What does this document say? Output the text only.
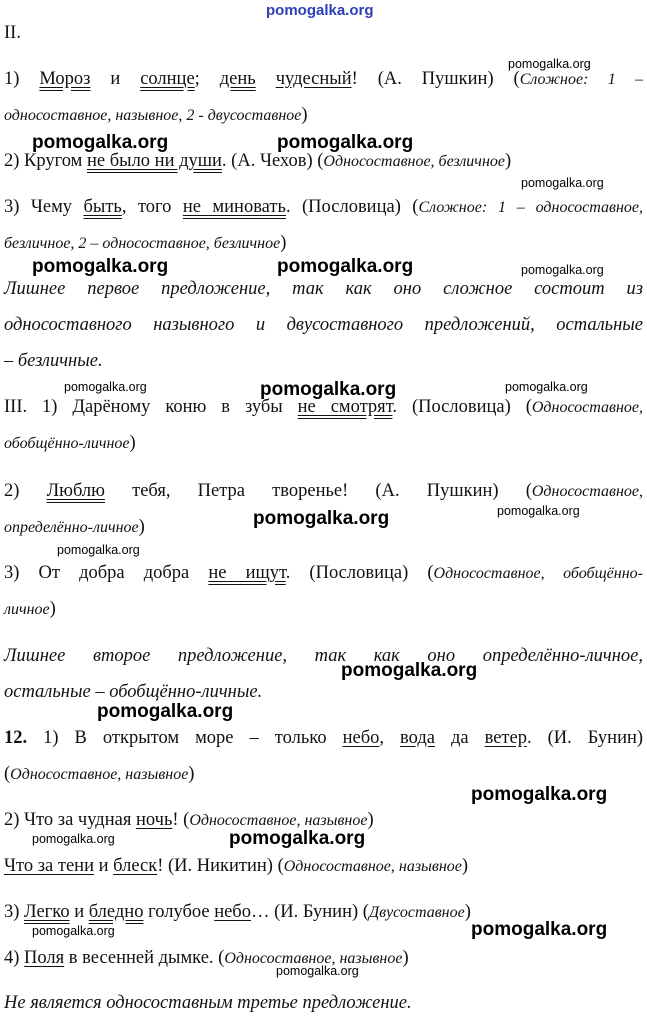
pomogalka.org
II.
1) Мороз и солнце; день чудесный! (А. Пушкин) (Сложное: 1 –
односоставное, назывное, 2 - двусоставное)
2) Кругом не было ни души. (А. Чехов) (Односоставное, безличное)
3) Чему быть, того не миновать. (Пословица) (Сложное: 1 – односоставное,
безличное, 2 – односоставное, безличное)
Лишнее первое предложение, так как оно сложное состоит из
односоставного назывного и двусоставного предложений, остальные
– безличные.
III. 1) Дарёному коню в зубы не смотрят. (Пословица) (Односоставное,
обобщённо-личное)
2) Люблю тебя, Петра творенье! (А. Пушкин) (Односоставное,
определённо-личное)
3) От добра добра не ищут. (Пословица) (Односоставное, обобщённо-
личное)
Лишнее второе предложение, так как оно определённо-личное,
остальные – обобщённо-личные.
12. 1) В открытом море – только небо, вода да ветер. (И. Бунин)
(Односоставное, назывное)
2) Что за чудная ночь! (Односоставное, назывное)
Что за тени и блеск! (И. Никитин) (Односоставное, назывное)
3) Легко и бледно голубое небо… (И. Бунин) (Двусоставное)
4) Поля в весенней дымке. (Односоставное, назывное)
Не является односоставным третье предложение.
pomogalka.org
pomogalka.org	pomogalka.org
pomogalka.org
pomogalka.org	pomogalka.org	pomogalka.org
pomogalka.org	pomogalka.org	pomogalka.org
pomogalka.org
pomogalka.org
pomogalka.org
pomogalka.org
pomogalka.org
pomogalka.org
pomogalka.org	pomogalka.org
pomogalka.org	pomogalka.org
pomogalka.org
